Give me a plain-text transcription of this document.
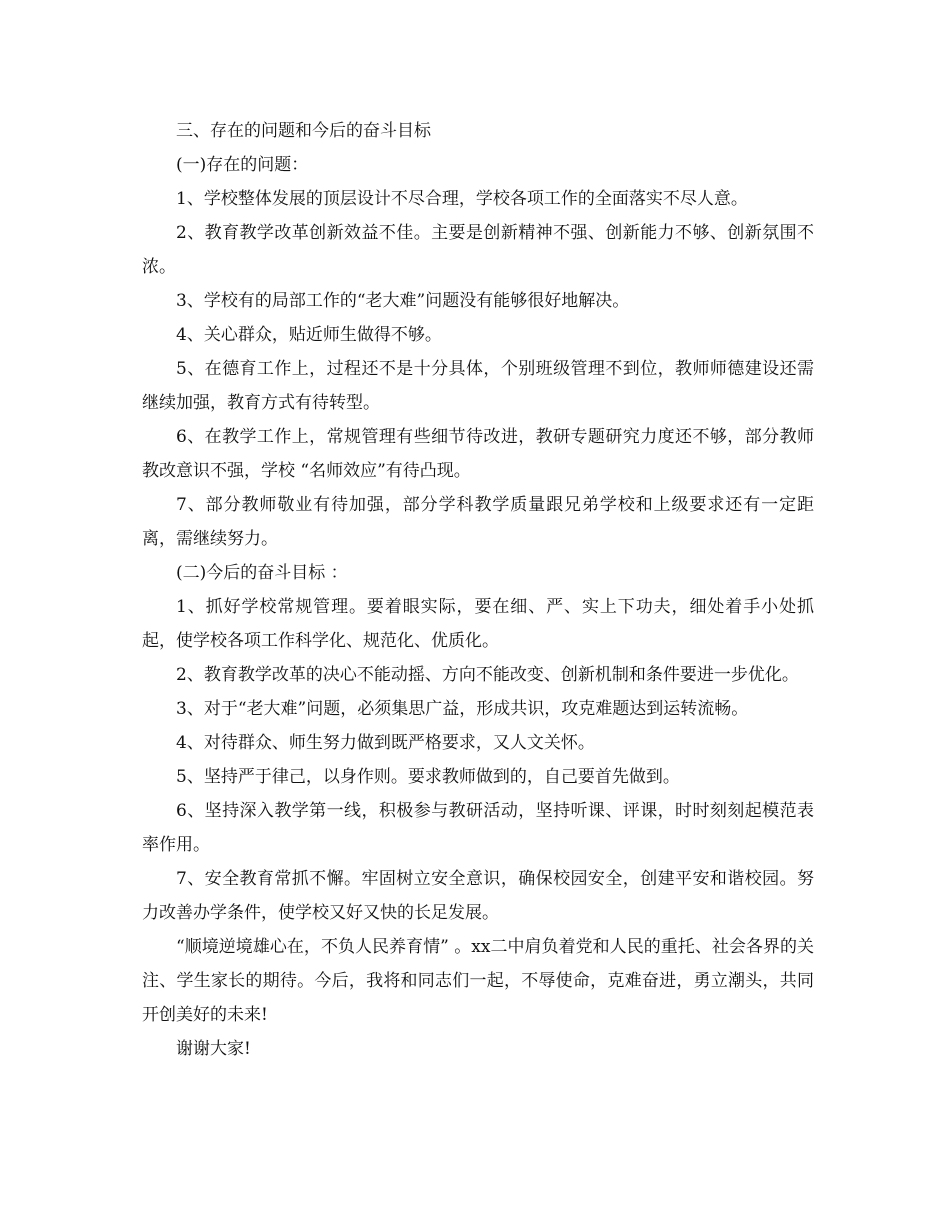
三、存在的问题和今后的奋斗目标

(一)存在的问题：

1、学校整体发展的顶层设计不尽合理，学校各项工作的全面落实不尽人意。

2、教育教学改革创新效益不佳。主要是创新精神不强、创新能力不够、创新氛围不浓。

3、学校有的局部工作的“老大难”问题没有能够很好地解决。

4、关心群众，贴近师生做得不够。

5、在德育工作上，过程还不是十分具体，个别班级管理不到位，教师师德建设还需继续加强，教育方式有待转型。

6、在教学工作上，常规管理有些细节待改进，教研专题研究力度还不够，部分教师教改意识不强，学校 “名师效应”有待凸现。

7、部分教师敬业有待加强，部分学科教学质量跟兄弟学校和上级要求还有一定距离，需继续努力。

(二)今后的奋斗目标 ：

1、抓好学校常规管理。要着眼实际，要在细、严、实上下功夫，细处着手小处抓起，使学校各项工作科学化、规范化、优质化。

2、教育教学改革的决心不能动摇、方向不能改变、创新机制和条件要进一步优化。

3、对于“老大难”问题，必须集思广益，形成共识，攻克难题达到运转流畅。

4、对待群众、师生努力做到既严格要求，又人文关怀。

5、坚持严于律己，以身作则。要求教师做到的，自己要首先做到。

6、坚持深入教学第一线，积极参与教研活动，坚持听课、评课，时时刻刻起模范表率作用。

7、安全教育常抓不懈。牢固树立安全意识，确保校园安全，创建平安和谐校园。努力改善办学条件，使学校又好又快的长足发展。

“顺境逆境雄心在，不负人民养育情” 。xx二中肩负着党和人民的重托、社会各界的关注、学生家长的期待。今后，我将和同志们一起，不辱使命，克难奋进，勇立潮头，共同开创美好的未来!

谢谢大家!
